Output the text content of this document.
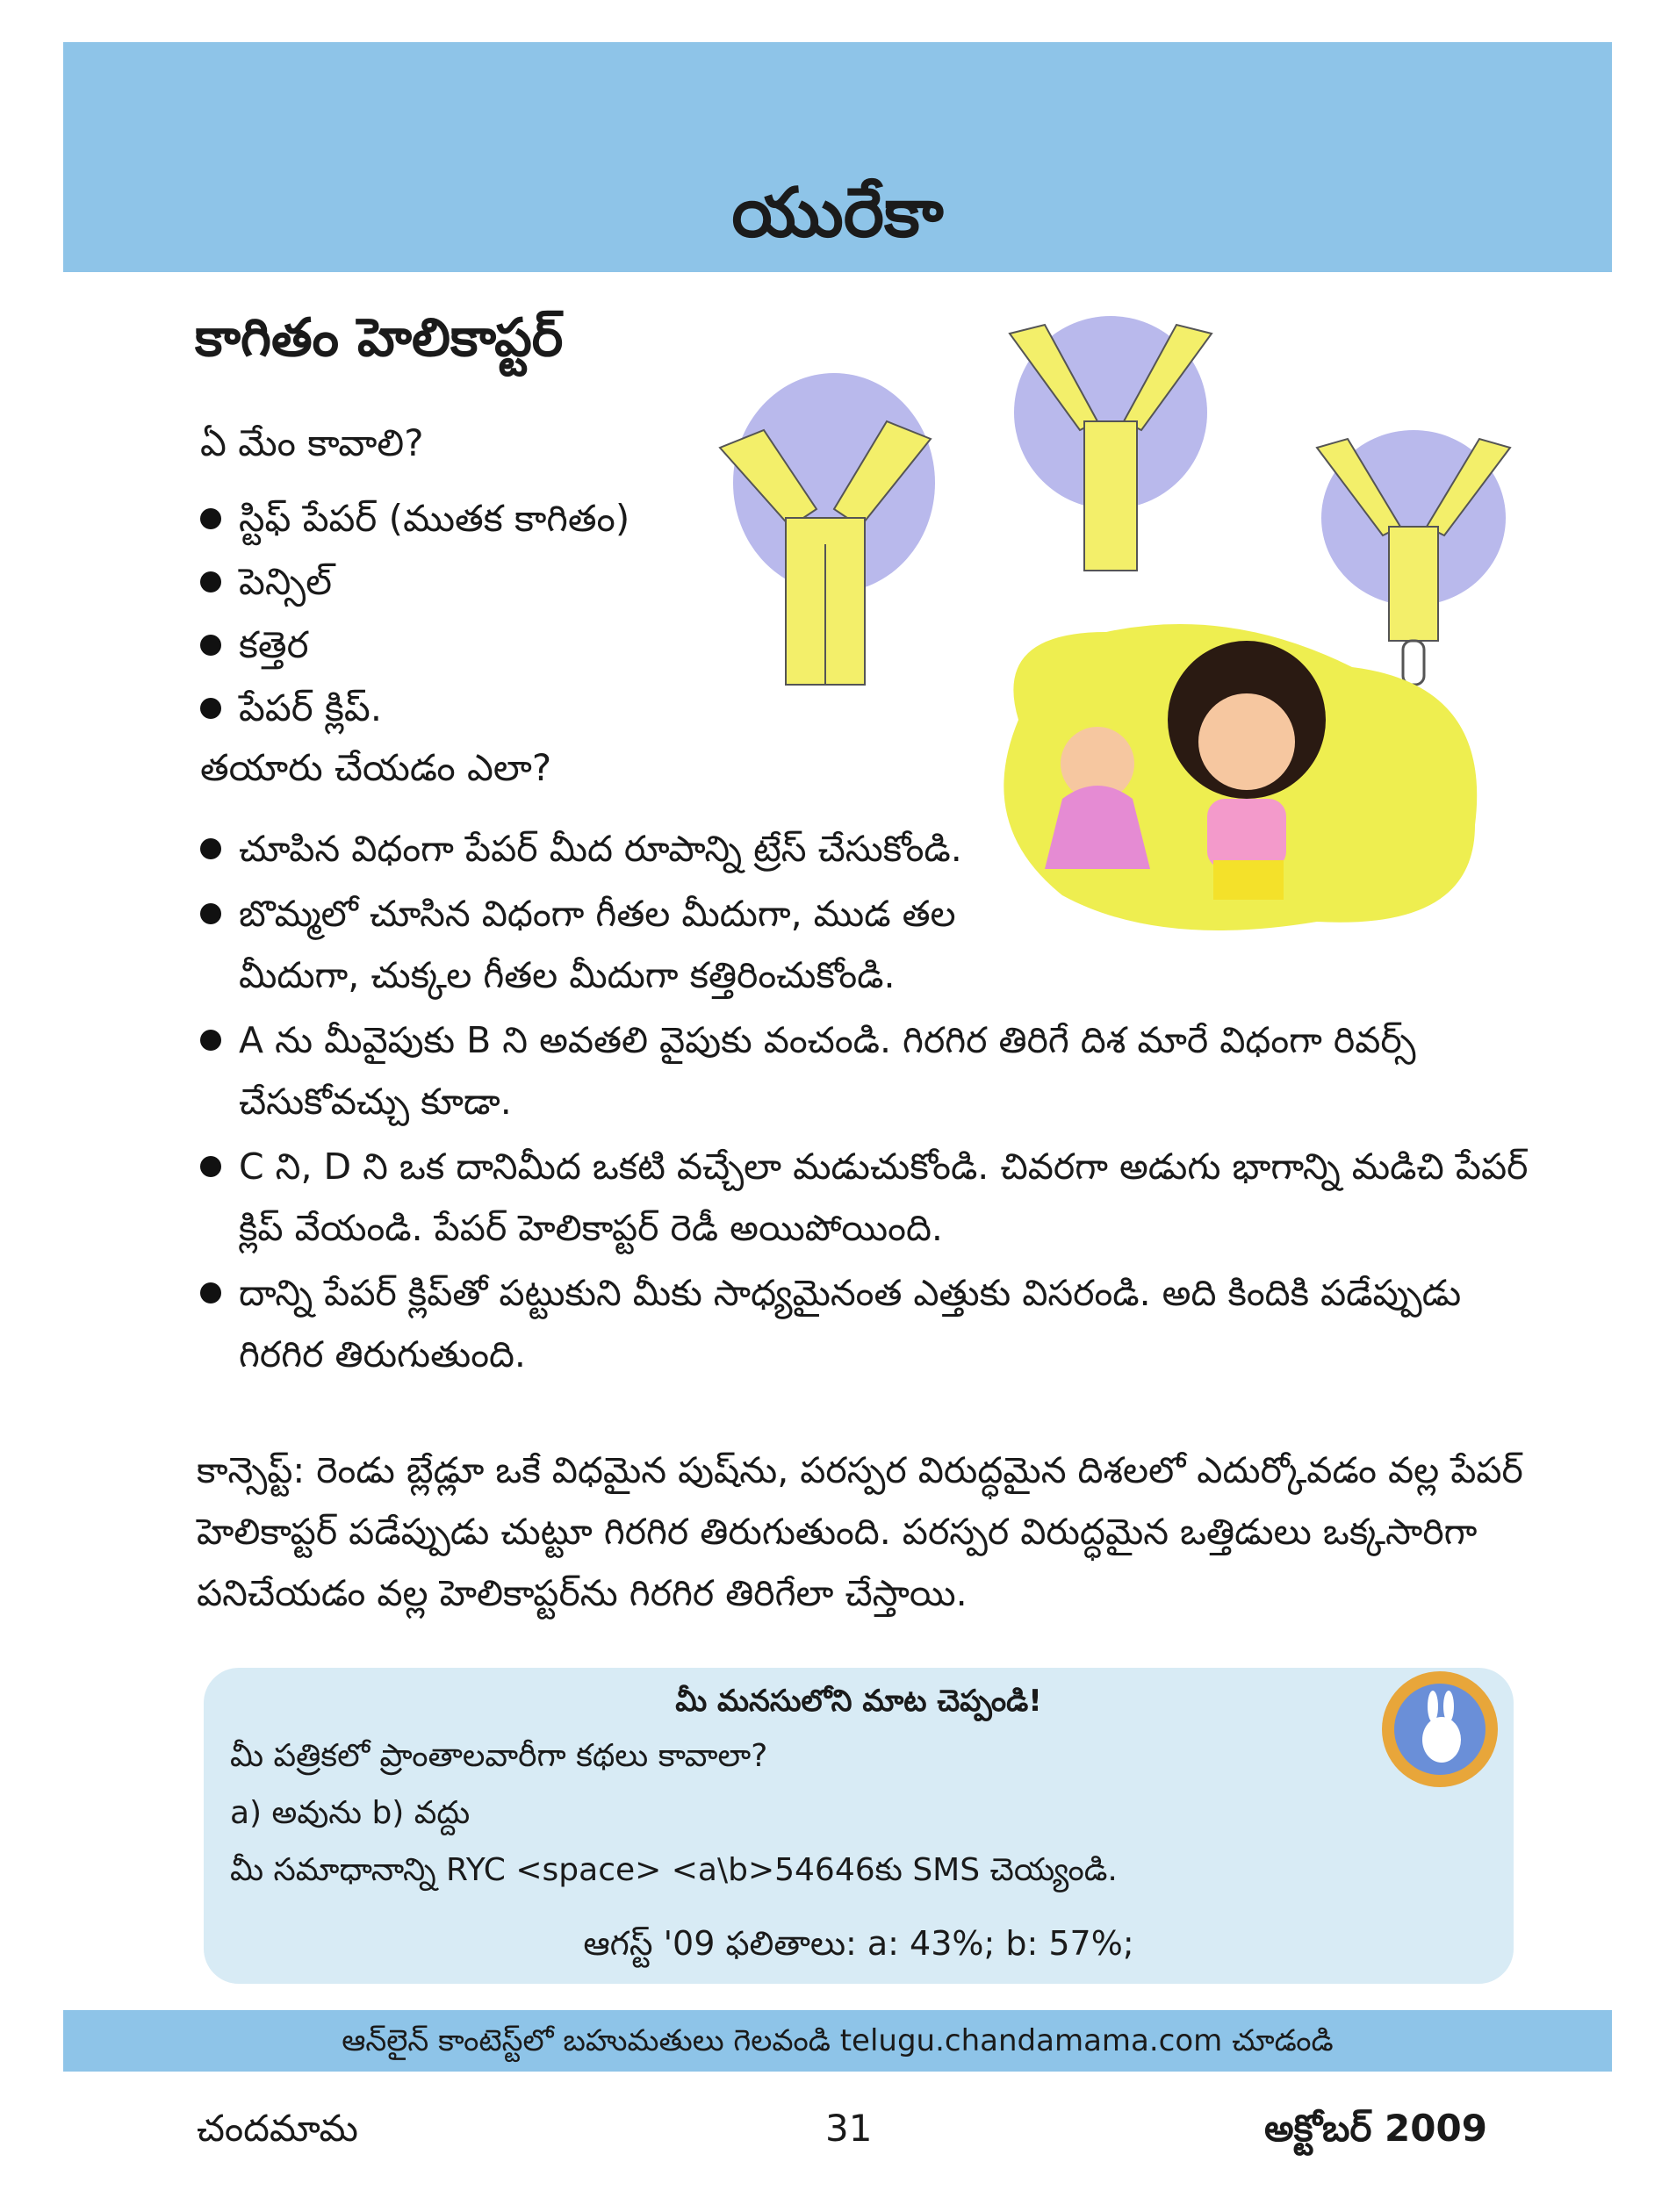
యురేకా
కాగితం హెలికాప్టర్
ఏ మేం కావాలి?
స్టిఫ్ పేపర్ (ముతక కాగితం)
పెన్సిల్
కత్తెర
పేపర్ క్లిప్.
తయారు చేయడం ఎలా?
చూపిన విధంగా పేపర్ మీద రూపాన్ని ట్రేస్ చేసుకోండి.
బొమ్మలో చూసిన విధంగా గీతల మీదుగా, ముడ తల మీదుగా, చుక్కల గీతల మీదుగా కత్తిరించుకోండి.
A ను మీవైపుకు B ని అవతలి వైపుకు వంచండి. గిరగిర తిరిగే దిశ మారే విధంగా రివర్స్ చేసుకోవచ్చు కూడా.
C ని, D ని ఒక దానిమీద ఒకటి వచ్చేలా మడుచుకోండి. చివరగా అడుగు భాగాన్ని మడిచి పేపర్ క్లిప్ వేయండి. పేపర్ హెలికాప్టర్ రెడీ అయిపోయింది.
దాన్ని పేపర్ క్లిప్‌తో పట్టుకుని మీకు సాధ్యమైనంత ఎత్తుకు విసరండి. అది కిందికి పడేప్పుడు గిరగిర తిరుగుతుంది.
కాన్సెప్ట్: రెండు బ్లేడ్లూ ఒకే విధమైన పుష్‌ను, పరస్పర విరుద్ధమైన దిశలలో ఎదుర్కోవడం వల్ల పేపర్ హెలికాప్టర్ పడేప్పుడు చుట్టూ గిరగిర తిరుగుతుంది. పరస్పర విరుద్ధమైన ఒత్తిడులు ఒక్కసారిగా పనిచేయడం వల్ల హెలికాప్టర్‌ను గిరగిర తిరిగేలా చేస్తాయి.
మీ మనసులోని మాట చెప్పండి!
మీ పత్రికలో ప్రాంతాలవారీగా కథలు కావాలా?
a) అవును b) వద్దు
మీ సమాధానాన్ని RYC <space> <a\b>54646కు SMS చెయ్యండి.
ఆగస్ట్ '09 ఫలితాలు: a: 43%; b: 57%;
ఆన్‌లైన్ కాంటెస్ట్‌లో బహుమతులు గెలవండి telugu.chandamama.com చూడండి
చందమామ	31	అక్టోబర్ 2009
